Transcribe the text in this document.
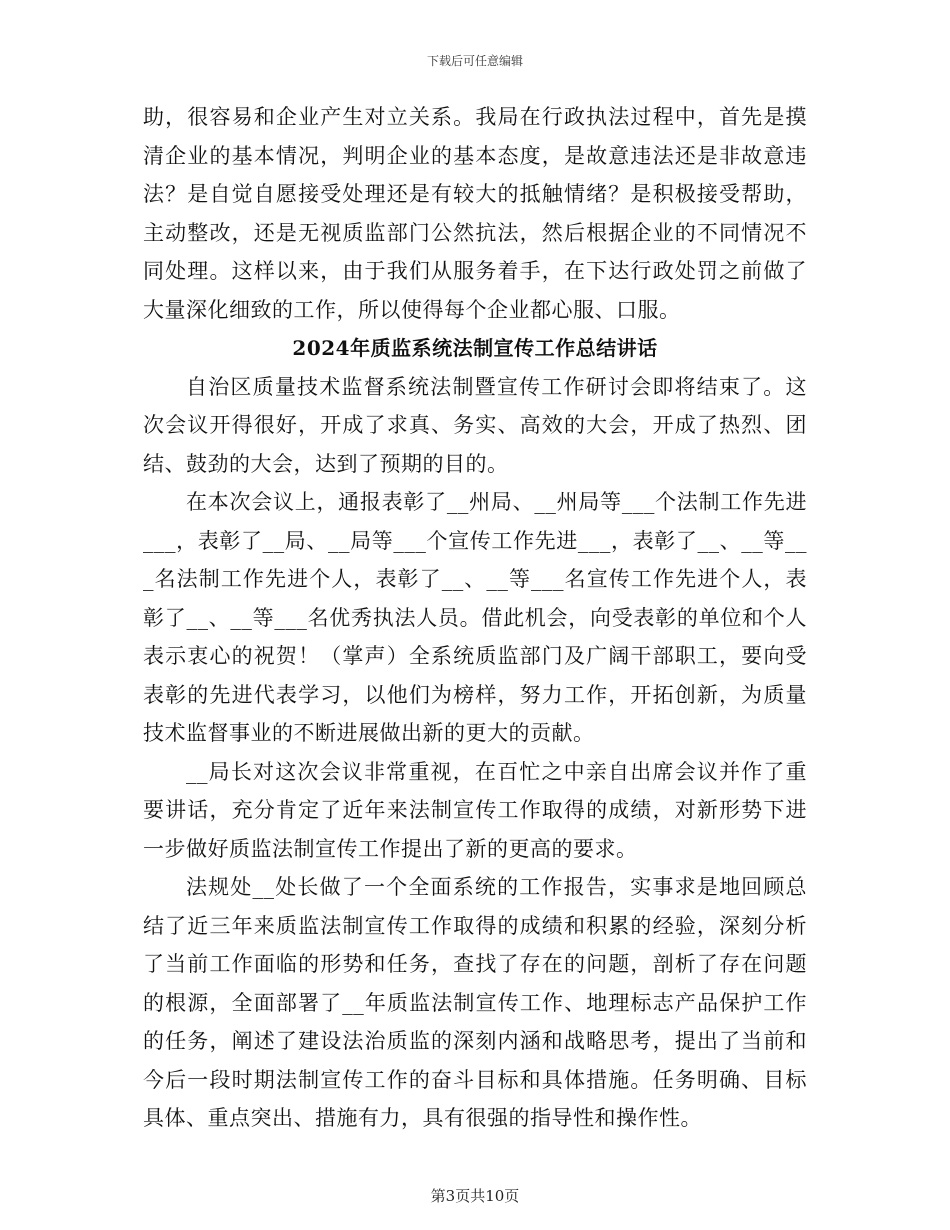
下载后可任意编辑

助，很容易和企业产生对立关系。我局在行政执法过程中，首先是摸清企业的基本情况，判明企业的基本态度，是故意违法还是非故意违法？是自觉自愿接受处理还是有较大的抵触情绪？是积极接受帮助，主动整改，还是无视质监部门公然抗法，然后根据企业的不同情况不同处理。这样以来，由于我们从服务着手，在下达行政处罚之前做了大量深化细致的工作，所以使得每个企业都心服、口服。

2024年质监系统法制宣传工作总结讲话

自治区质量技术监督系统法制暨宣传工作研讨会即将结束了。这次会议开得很好，开成了求真、务实、高效的大会，开成了热烈、团结、鼓劲的大会，达到了预期的目的。

在本次会议上，通报表彰了__州局、__州局等___个法制工作先进___，表彰了__局、__局等___个宣传工作先进___，表彰了__、__等___名法制工作先进个人，表彰了__、__等___名宣传工作先进个人，表彰了__、__等___名优秀执法人员。借此机会，向受表彰的单位和个人表示衷心的祝贺！（掌声）全系统质监部门及广阔干部职工，要向受表彰的先进代表学习，以他们为榜样，努力工作，开拓创新，为质量技术监督事业的不断进展做出新的更大的贡献。

__局长对这次会议非常重视，在百忙之中亲自出席会议并作了重要讲话，充分肯定了近年来法制宣传工作取得的成绩，对新形势下进一步做好质监法制宣传工作提出了新的更高的要求。

法规处__处长做了一个全面系统的工作报告，实事求是地回顾总结了近三年来质监法制宣传工作取得的成绩和积累的经验，深刻分析了当前工作面临的形势和任务，查找了存在的问题，剖析了存在问题的根源，全面部署了__年质监法制宣传工作、地理标志产品保护工作的任务，阐述了建设法治质监的深刻内涵和战略思考，提出了当前和今后一段时期法制宣传工作的奋斗目标和具体措施。任务明确、目标具体、重点突出、措施有力，具有很强的指导性和操作性。

第3页共10页
